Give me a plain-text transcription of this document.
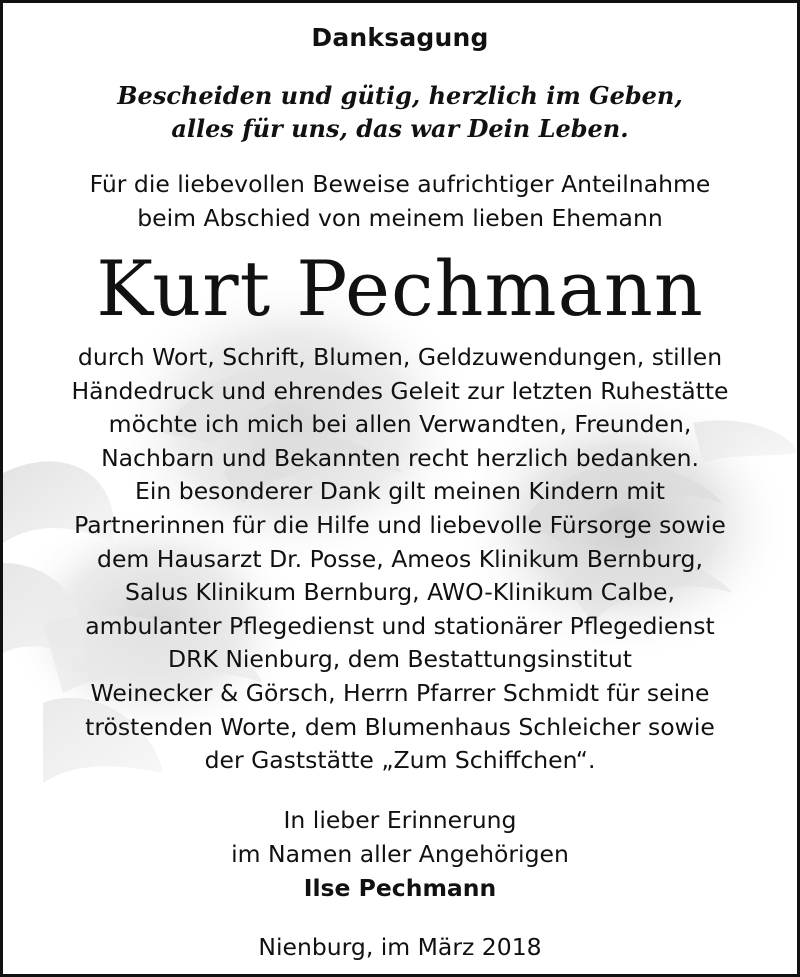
Danksagung
Bescheiden und gütig, herzlich im Geben,
alles für uns, das war Dein Leben.
Für die liebevollen Beweise aufrichtiger Anteilnahme
beim Abschied von meinem lieben Ehemann
Kurt Pechmann
durch Wort, Schrift, Blumen, Geldzuwendungen, stillen
Händedruck und ehrendes Geleit zur letzten Ruhestätte
möchte ich mich bei allen Verwandten, Freunden,
Nachbarn und Bekannten recht herzlich bedanken.
Ein besonderer Dank gilt meinen Kindern mit
Partnerinnen für die Hilfe und liebevolle Fürsorge sowie
dem Hausarzt Dr. Posse, Ameos Klinikum Bernburg,
Salus Klinikum Bernburg, AWO-Klinikum Calbe,
ambulanter Pflegedienst und stationärer Pflegedienst
DRK Nienburg, dem Bestattungsinstitut
Weinecker & Görsch, Herrn Pfarrer Schmidt für seine
tröstenden Worte, dem Blumenhaus Schleicher sowie
der Gaststätte „Zum Schiffchen“.
In lieber Erinnerung
im Namen aller Angehörigen
Ilse Pechmann
Nienburg, im März 2018
